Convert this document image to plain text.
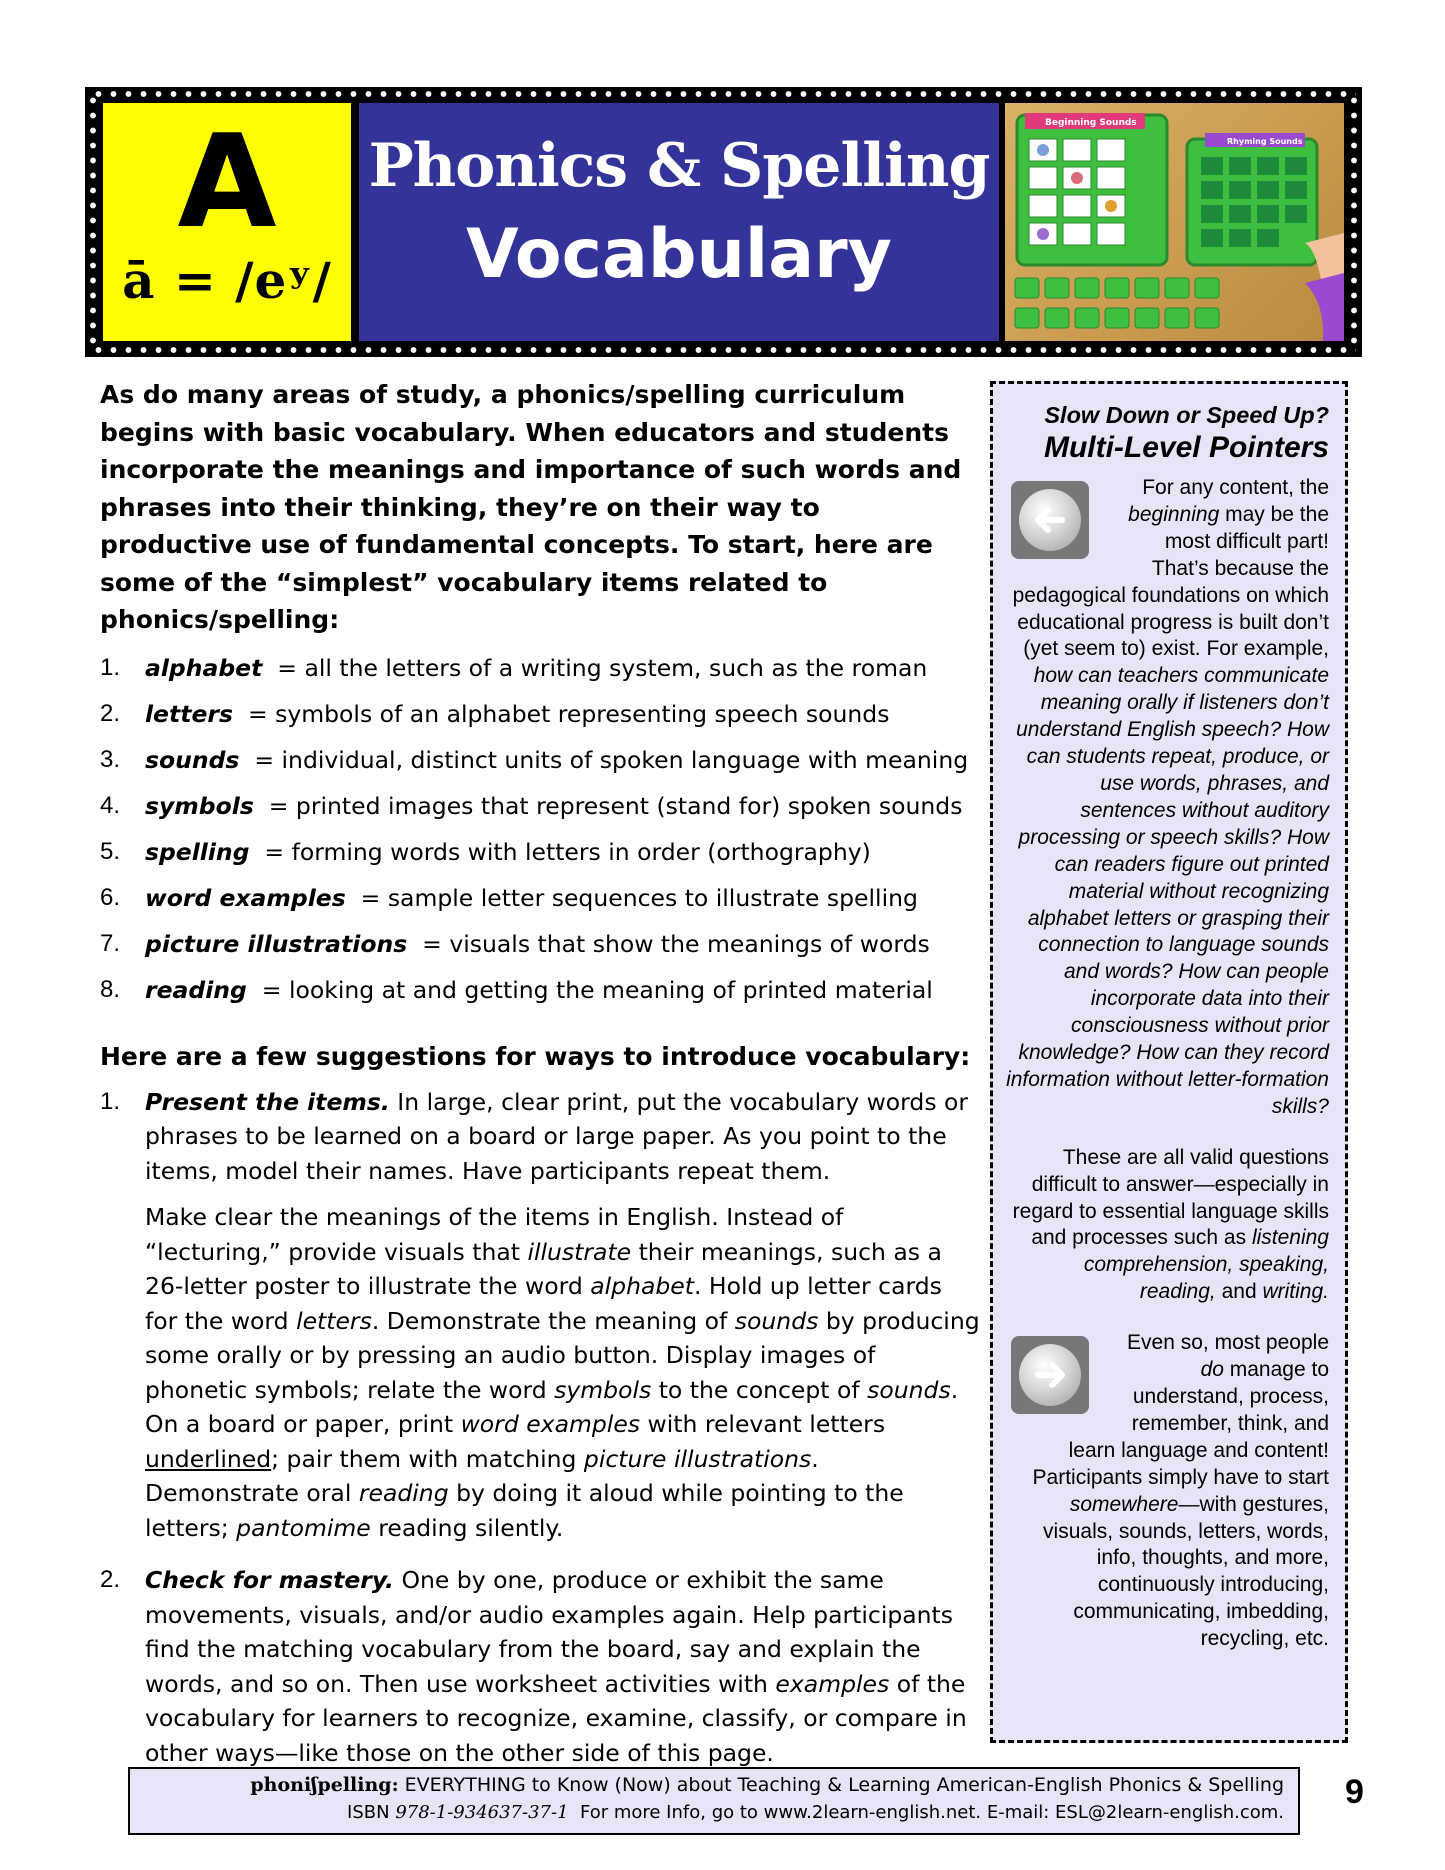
A
ā = /eʸ/
Phonics & Spelling
Vocabulary
Beginning Sounds
Rhyming Sounds

As do many areas of study, a phonics/spelling curriculum begins with basic vocabulary. When educators and students incorporate the meanings and importance of such words and phrases into their thinking, they’re on their way to productive use of fundamental concepts. To start, here are some of the “simplest” vocabulary items related to phonics/spelling:

1. alphabet = all the letters of a writing system, such as the roman
2. letters = symbols of an alphabet representing speech sounds
3. sounds = individual, distinct units of spoken language with meaning
4. symbols = printed images that represent (stand for) spoken sounds
5. spelling = forming words with letters in order (orthography)
6. word examples = sample letter sequences to illustrate spelling
7. picture illustrations = visuals that show the meanings of words
8. reading  = looking at and getting the meaning of printed material
Here are a few suggestions for ways to introduce vocabulary:
1. Present the items. In large, clear print, put the vocabulary words or phrases to be learned on a board or large paper. As you point to the items, model their names. Have participants repeat them.

Make clear the meanings of the items in English. Instead of “lecturing,” provide visuals that illustrate their meanings, such as a 26-letter poster to illustrate the word alphabet. Hold up letter cards for the word letters. Demonstrate the meaning of sounds by producing some orally or by pressing an audio button. Display images of phonetic symbols; relate the word symbols to the concept of sounds. On a board or paper, print word examples with relevant letters underlined; pair them with matching picture illustrations. Demonstrate oral reading by doing it aloud while pointing to the letters; pantomime reading silently.

2. Check for mastery. One by one, produce or exhibit the same movements, visuals, and/or audio examples again. Help participants find the matching vocabulary from the board, say and explain the words, and so on. Then use worksheet activities with examples of the vocabulary for learners to recognize, examine, classify, or compare in other ways—like those on the other side of this page.

Slow Down or Speed Up?
Multi-Level Pointers

For any content, the beginning may be the most difficult part! That’s because the pedagogical foundations on which educational progress is built don’t (yet seem to) exist. For example, how can teachers communicate meaning orally if listeners don’t understand English speech? How can students repeat, produce, or use words, phrases, and sentences without auditory processing or speech skills? How can readers figure out printed material without recognizing alphabet letters or grasping their connection to language sounds and words? How can people incorporate data into their consciousness without prior knowledge? How can they record information without letter-formation skills?

These are all valid questions difficult to answer—especially in regard to essential language skills and processes such as listening comprehension, speaking, reading, and writing.

Even so, most people do manage to understand, process, remember, think, and learn language and content! Participants simply have to start somewhere—with gestures, visuals, sounds, letters, words, info, thoughts, and more, continuously introducing, communicating, imbedding, recycling, etc.

phoniʃpelling: EVERYTHING to Know (Now) about Teaching & Learning American-English Phonics & Spelling
ISBN 978-1-934637-37-1 For more Info, go to www.2learn-english.net. E-mail: ESL@2learn-english.com.
9
